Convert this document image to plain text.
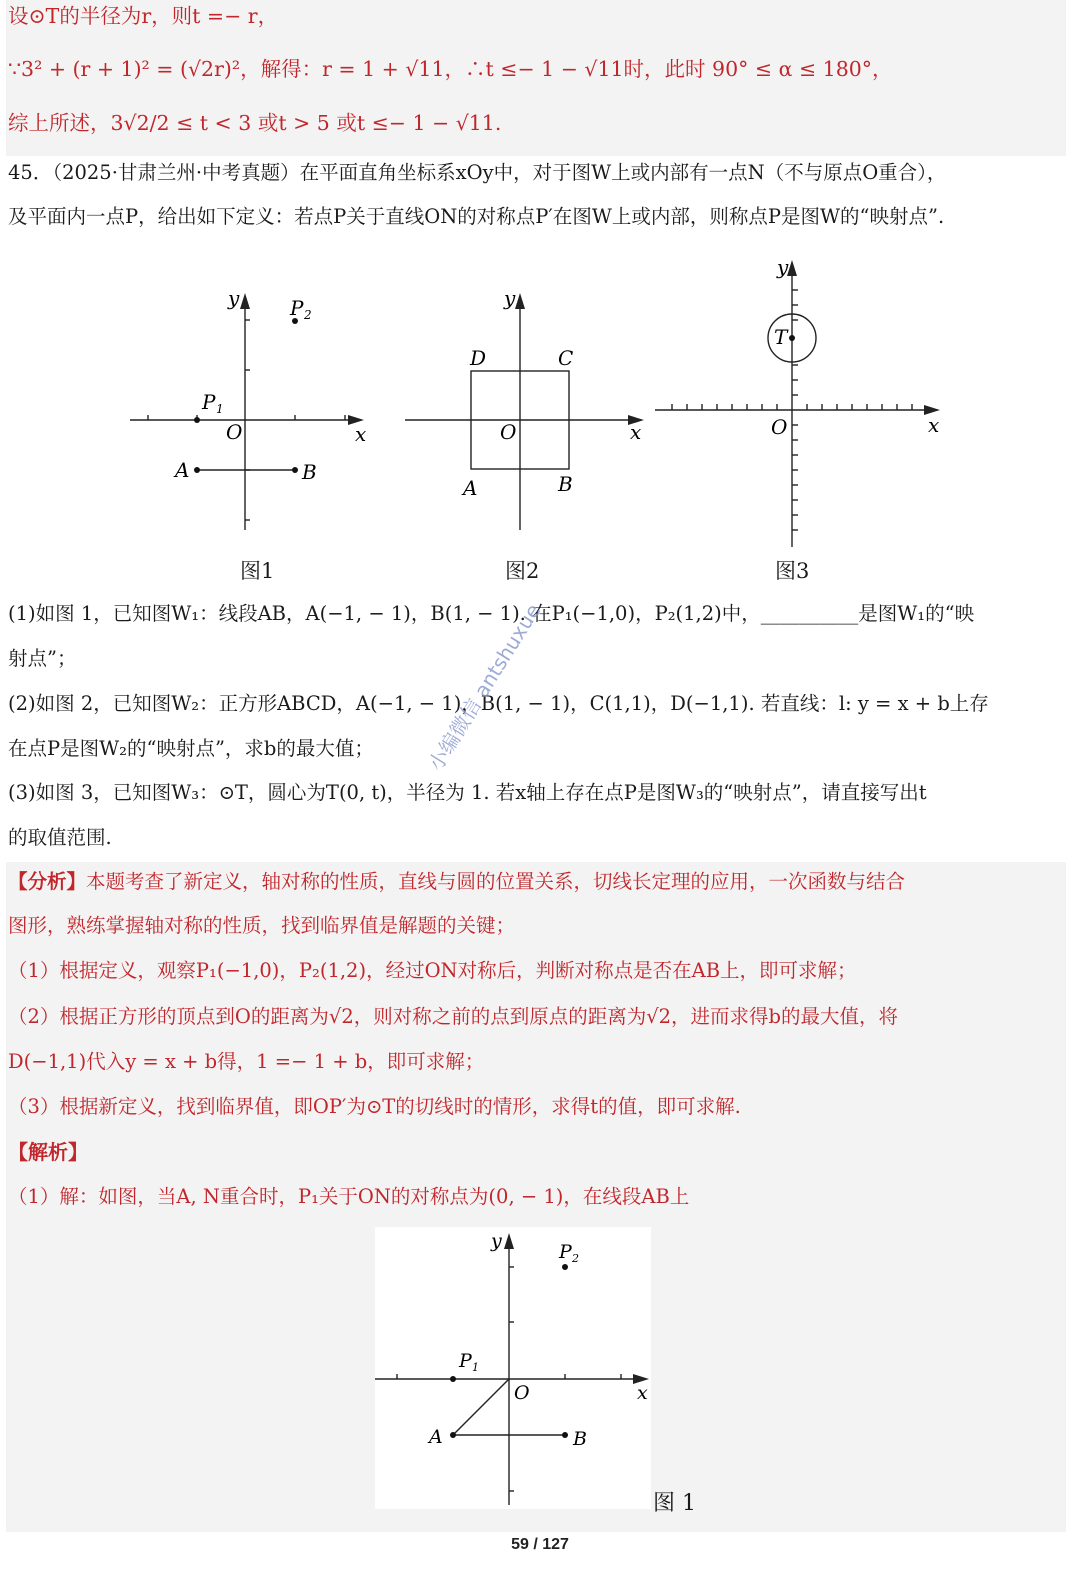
设⊙T的半径为r，则t =− r，
∵3² + (r + 1)² = (√2r)²，解得：r = 1 + √11，∴t ≤− 1 − √11时，此时 90° ≤ α ≤ 180°，
综上所述，3√2/2 ≤ t < 3 或t > 5 或t ≤− 1 − √11.
45．（2025·甘肃兰州·中考真题）在平面直角坐标系xOy中，对于图W上或内部有一点N（不与原点O重合），
及平面内一点P，给出如下定义：若点P关于直线ON的对称点P′在图W上或内部，则称点P是图W的“映射点”.
y
x
O
P 1
P 2
A	B
图1
y
x
O
D	C
A	B
图2
y
x
O
T
图3
(1)如图 1，已知图W₁：线段AB，A(−1, − 1)，B(1, − 1). 在P₁(−1,0)，P₂(1,2)中，__________是图W₁的“映
射点”；
(2)如图 2，已知图W₂：正方形ABCD，A(−1, − 1)，B(1, − 1)，C(1,1)，D(−1,1). 若直线：l: y = x + b上存
在点P是图W₂的“映射点”，求b的最大值；
(3)如图 3，已知图W₃：⊙T，圆心为T(0, t)，半径为 1. 若x轴上存在点P是图W₃的“映射点”，请直接写出t
的取值范围.
【分析】本题考查了新定义，轴对称的性质，直线与圆的位置关系，切线长定理的应用，一次函数与结合
图形，熟练掌握轴对称的性质，找到临界值是解题的关键；
（1）根据定义，观察P₁(−1,0)，P₂(1,2)，经过ON对称后，判断对称点是否在AB上，即可求解；
（2）根据正方形的顶点到O的距离为√2，则对称之前的点到原点的距离为√2，进而求得b的最大值，将
D(−1,1)代入y = x + b得，1 =− 1 + b，即可求解；
（3）根据新定义，找到临界值，即OP′为⊙T的切线时的情形，求得t的值，即可求解.
【解析】
（1）解：如图，当A, N重合时，P₁关于ON的对称点为(0, − 1)，在线段AB上
y
x
O
P 1
P 2
A	B
图 1
小编微信 antshuxue
59 / 127
